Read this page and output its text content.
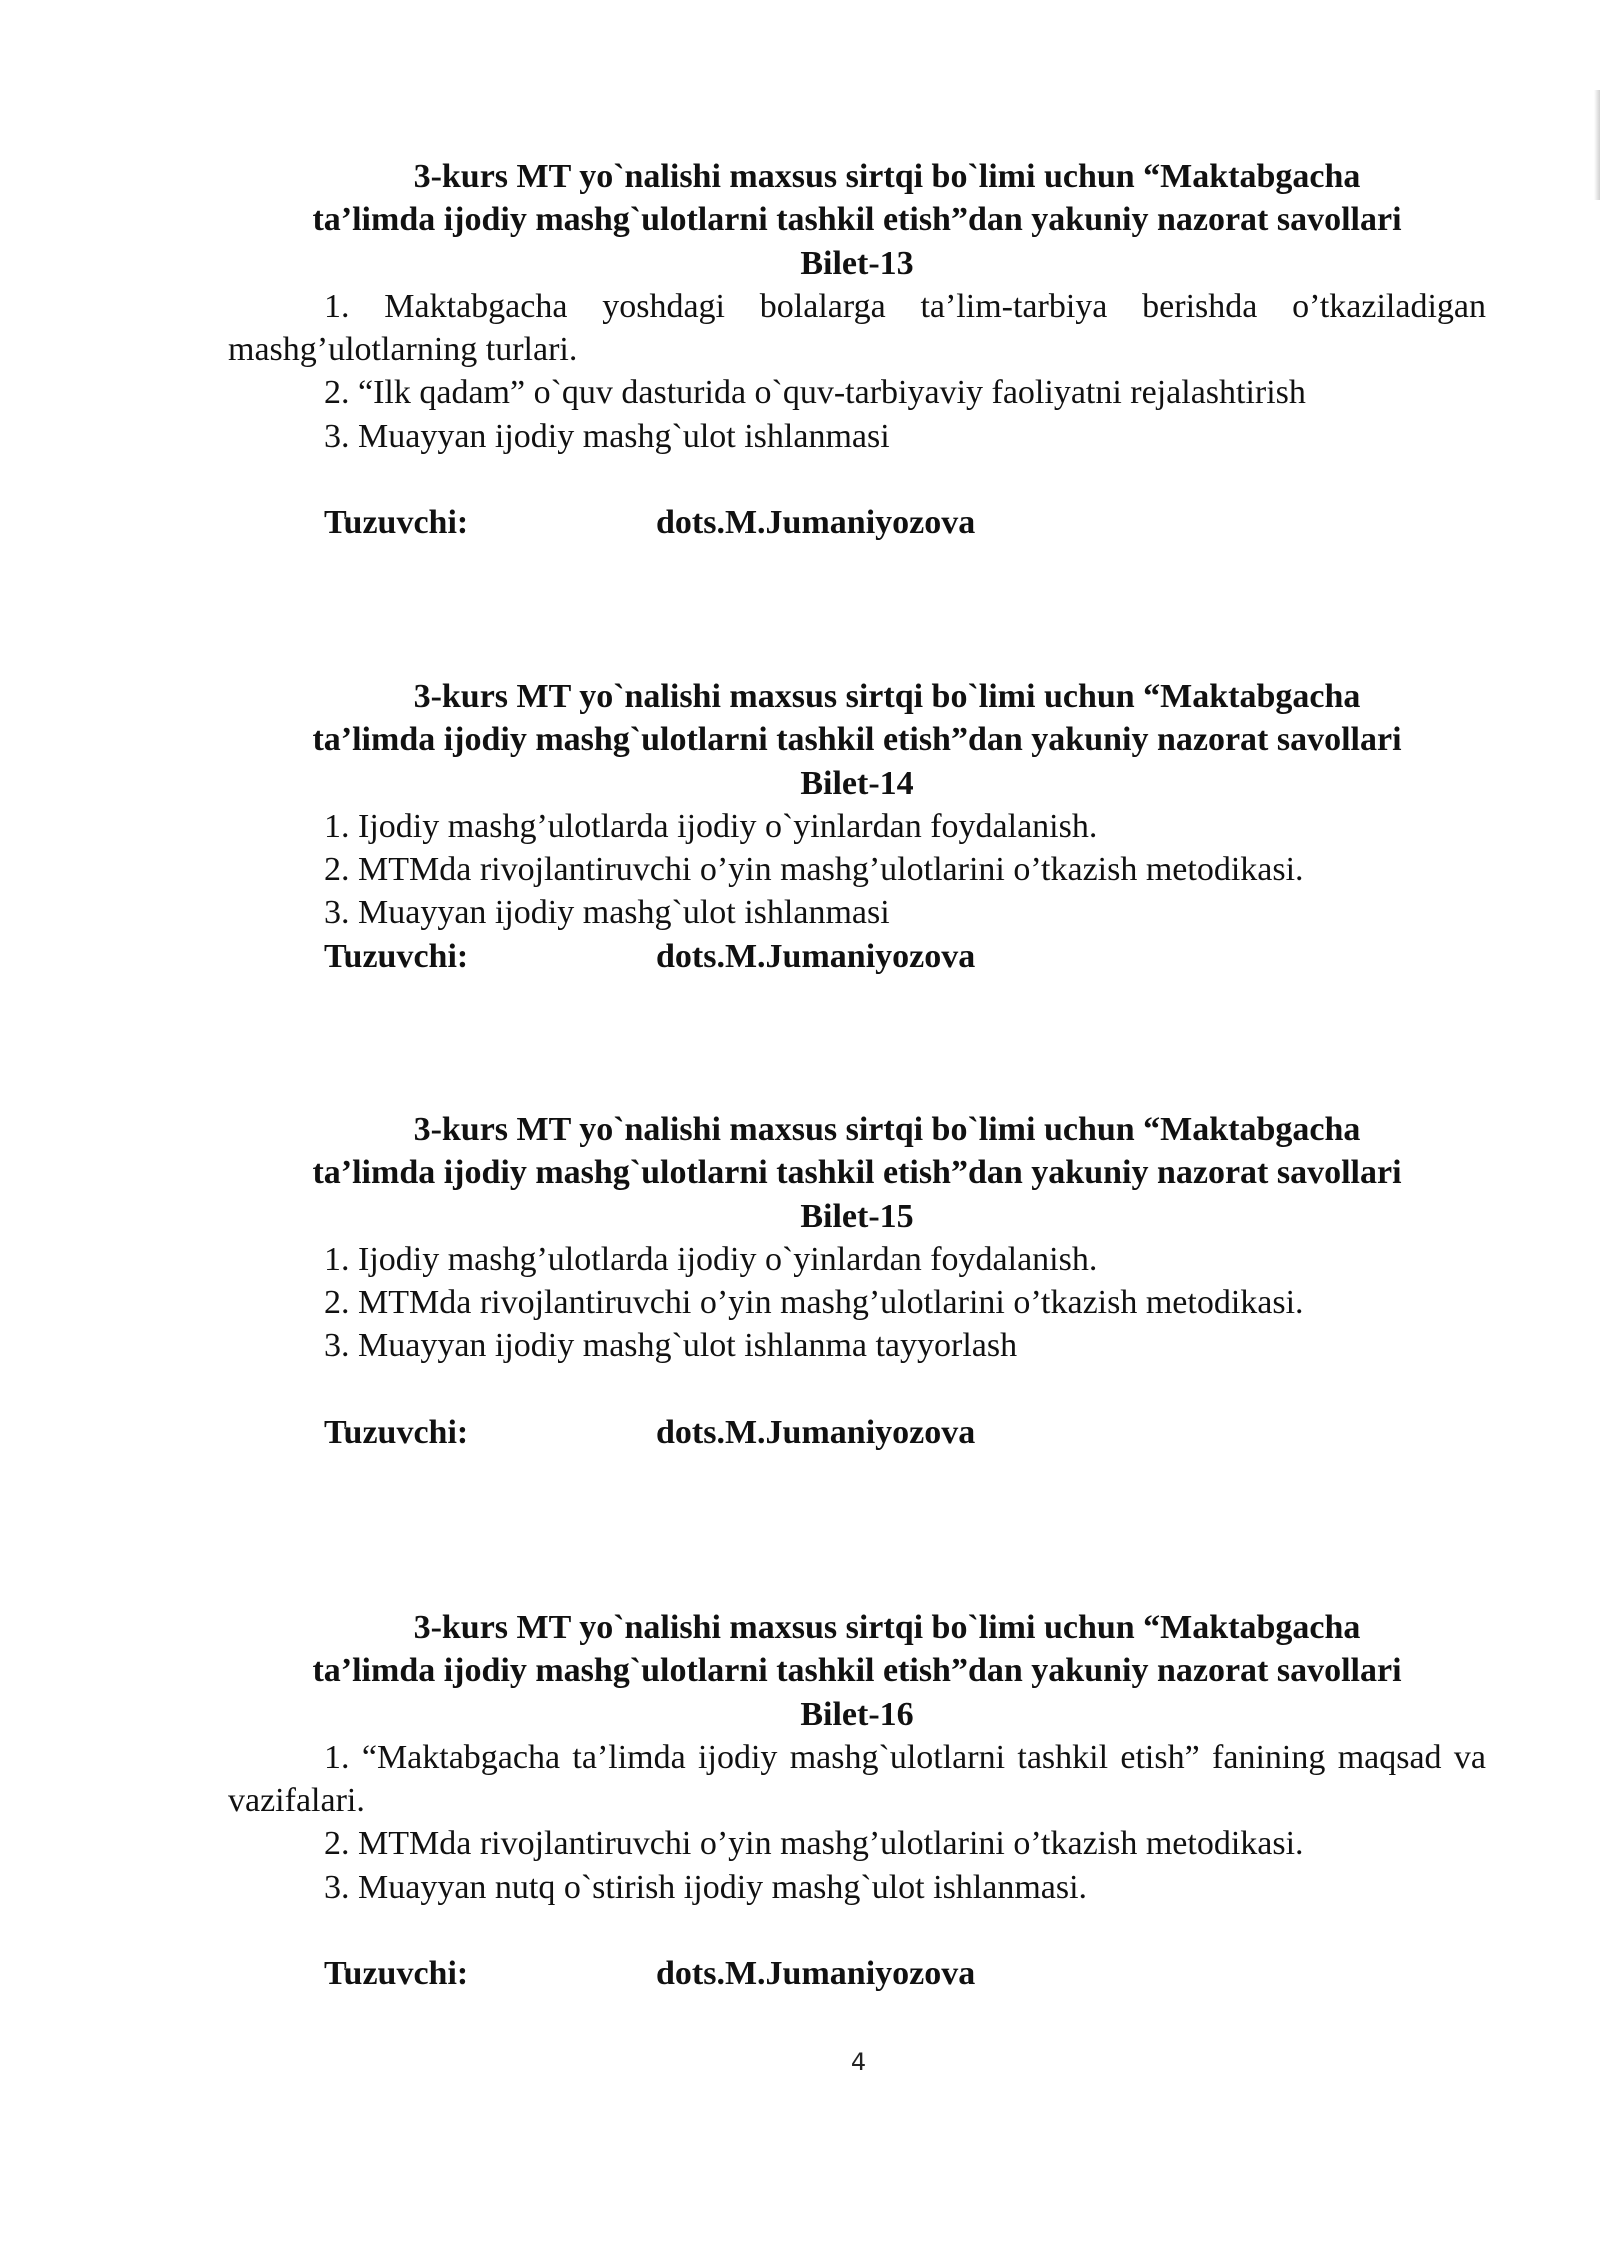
3-kurs MT yo`nalishi maxsus sirtqi bo`limi uchun “Maktabgacha

ta’limda ijodiy mashg`ulotlarni tashkil etish”dan yakuniy nazorat savollari

Bilet-13

1. Maktabgacha yoshdagi bolalarga ta’lim-tarbiya berishda o’tkaziladigan mashg’ulotlarning turlari.

2. “Ilk qadam” o`quv dasturida o`quv-tarbiyaviy faoliyatni rejalashtirish

3. Muayyan ijodiy mashg`ulot ishlanmasi

Tuzuvchi:	dots.M.Jumaniyozova

3-kurs MT yo`nalishi maxsus sirtqi bo`limi uchun “Maktabgacha

ta’limda ijodiy mashg`ulotlarni tashkil etish”dan yakuniy nazorat savollari

Bilet-14

1. Ijodiy mashg’ulotlarda ijodiy o`yinlardan foydalanish.

2. MTMda rivojlantiruvchi o’yin mashg’ulotlarini o’tkazish metodikasi.

3. Muayyan ijodiy mashg`ulot ishlanmasi

Tuzuvchi:	dots.M.Jumaniyozova

3-kurs MT yo`nalishi maxsus sirtqi bo`limi uchun “Maktabgacha

ta’limda ijodiy mashg`ulotlarni tashkil etish”dan yakuniy nazorat savollari

Bilet-15

1. Ijodiy mashg’ulotlarda ijodiy o`yinlardan foydalanish.

2. MTMda rivojlantiruvchi o’yin mashg’ulotlarini o’tkazish metodikasi.

3. Muayyan ijodiy mashg`ulot ishlanma tayyorlash

Tuzuvchi:	dots.M.Jumaniyozova

3-kurs MT yo`nalishi maxsus sirtqi bo`limi uchun “Maktabgacha

ta’limda ijodiy mashg`ulotlarni tashkil etish”dan yakuniy nazorat savollari

Bilet-16

1. “Maktabgacha ta’limda ijodiy mashg`ulotlarni tashkil etish” fanining maqsad va vazifalari.

2. MTMda rivojlantiruvchi o’yin mashg’ulotlarini o’tkazish metodikasi.

3. Muayyan nutq o`stirish ijodiy mashg`ulot ishlanmasi.

Tuzuvchi:	dots.M.Jumaniyozova
4
